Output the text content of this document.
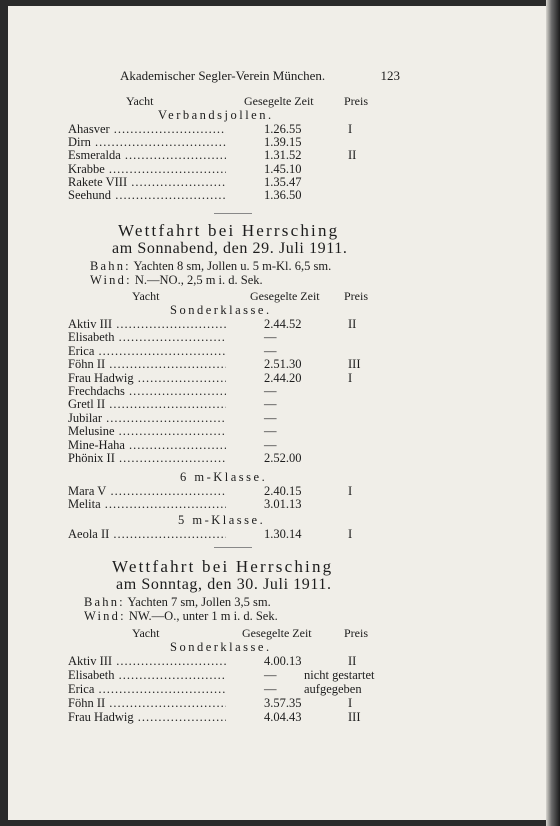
Akademischer Segler-Verein München.	123
Yacht	Gesegelte Zeit	Preis
Verbandsjollen.
Ahasver .....	1.26.55	I
Dirn .....	1.39.15
Esmeralda .....	1.31.52	II
Krabbe .....	1.45.10
Rakete VIII .....	1.35.47
Seehund .....	1.36.50
Wettfahrt bei Herrsching
am Sonnabend, den 29. Juli 1911.
Bahn: Yachten 8 sm, Jollen u. 5 m-Kl. 6,5 sm.
Wind: N.—NO., 2,5 m i. d. Sek.
Yacht	Gesegelte Zeit Preis
Sonderklasse.
Aktiv III .....	2.44.52	II
Elisabeth .....	—
Erica .....	—
Föhn II .....	2.51.30	III
Frau Hadwig .....	2.44.20	I
Frechdachs .....	—
Gretl II .....	—
Jubilar .....	—
Melusine .....	—
Mine-Haha .....	—
Phönix II .....	2.52.00
6 m-Klasse.
Mara V .....	2.40.15	I
Melita .....	3.01.13
5 m-Klasse.
Aeola II .....	1.30.14	I
Wettfahrt bei Herrsching
am Sonntag, den 30. Juli 1911.
Bahn: Yachten 7 sm, Jollen 3,5 sm.
Wind: NW.—O., unter 1 m i. d. Sek.
Yacht	Gesegelte Zeit	Preis
Sonderklasse.
Aktiv III .....	4.00.13	II
Elisabeth .....	— nicht gestartet
Erica .....	— aufgegeben
Föhn II .....	3.57.35	I
Frau Hadwig .....	4.04.43	III
